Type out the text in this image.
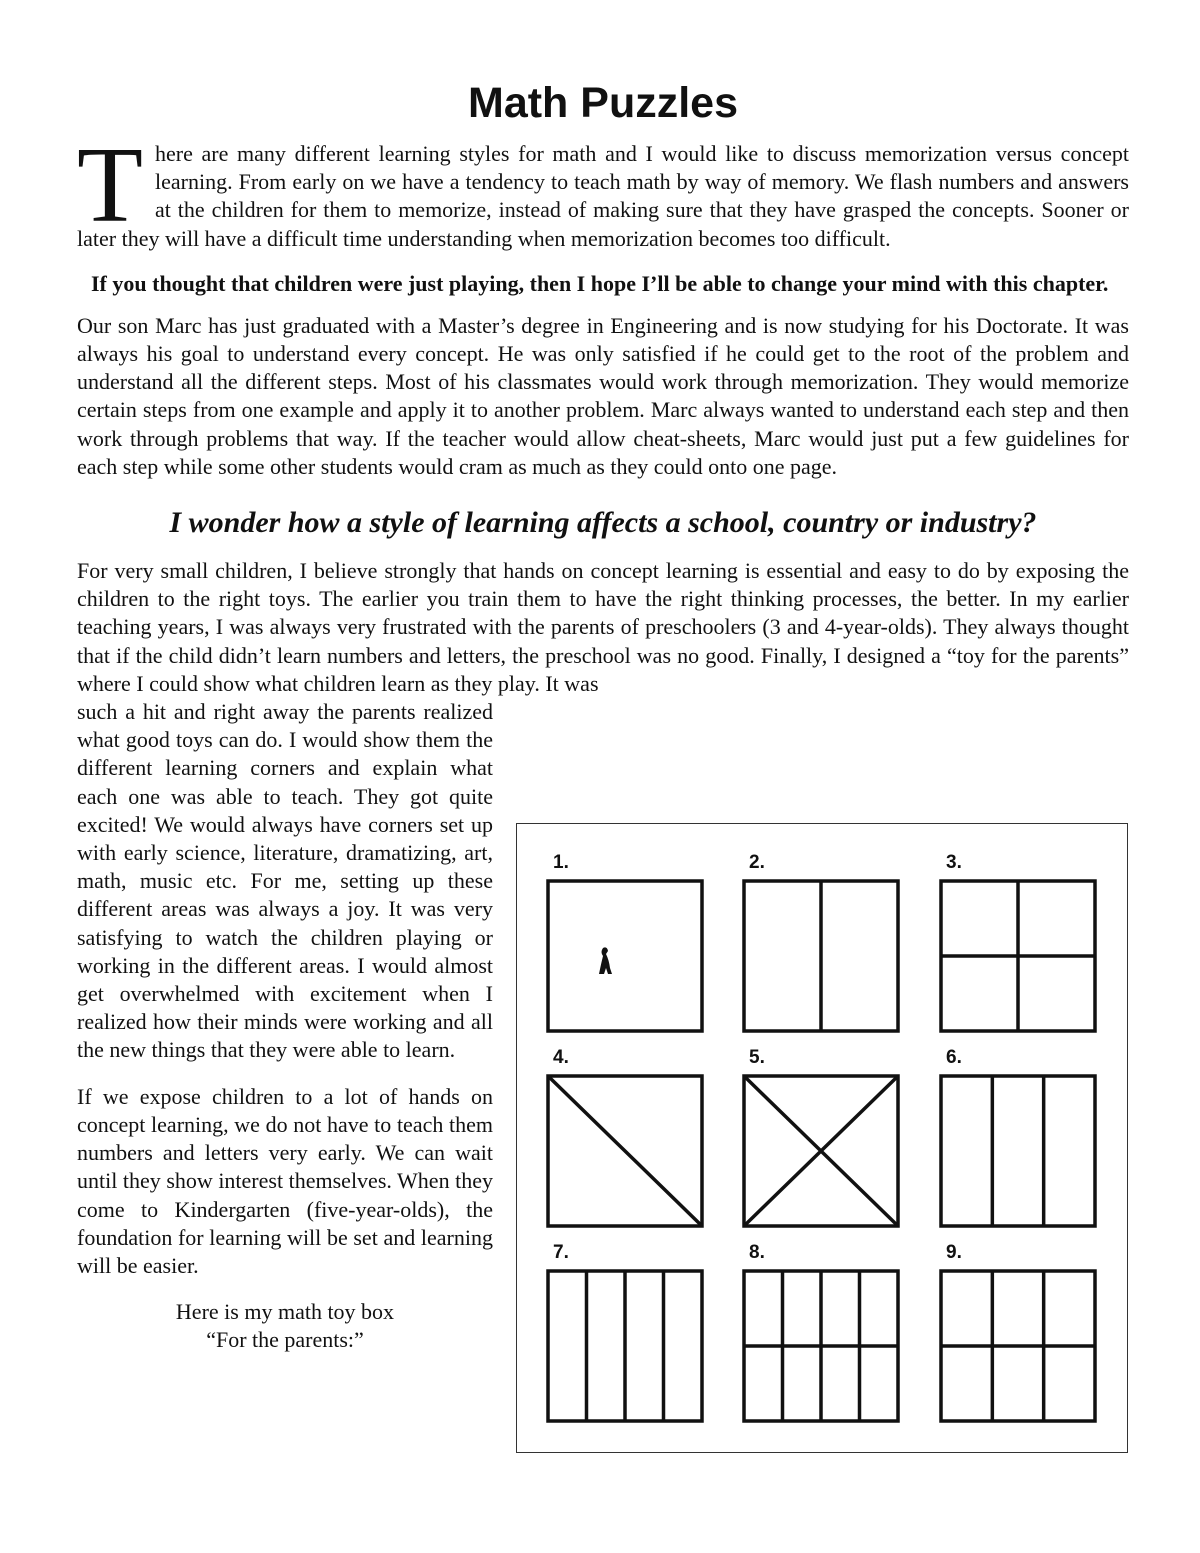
Math Puzzles

There are many different learning styles for math and I would like to discuss memorization versus concept learning. From early on we have a tendency to teach math by way of memory. We flash numbers and answers at the children for them to memorize, instead of making sure that they have grasped the concepts. Sooner or later they will have a difficult time understanding when memorization becomes too difficult.

If you thought that children were just playing, then I hope I’ll be able to change your mind with this chapter.

Our son Marc has just graduated with a Master’s degree in Engineering and is now studying for his Doctorate. It was always his goal to understand every concept. He was only satisfied if he could get to the root of the problem and understand all the different steps. Most of his classmates would work through memorization. They would memorize certain steps from one example and apply it to another problem. Marc always wanted to understand each step and then work through problems that way. If the teacher would allow cheat-sheets, Marc would just put a few guidelines for each step while some other students would cram as much as they could onto one page.

I wonder how a style of learning affects a school, country or industry?

For very small children, I believe strongly that hands on concept learning is essential and easy to do by exposing the children to the right toys. The earlier you train them to have the right thinking processes, the better. In my earlier teaching years, I was always very frustrated with the parents of preschoolers (3 and 4-year-olds). They always thought that if the child didn’t learn numbers and letters, the preschool was no good. Finally, I designed a “toy for the parents” where I could show what children learn as they play. It was

such a hit and right away the parents realized what good toys can do. I would show them the different learning corners and explain what each one was able to teach. They got quite excited! We would always have corners set up with early science, literature, dramatizing, art, math, music etc. For me, setting up these different areas was always a joy. It was very satisfying to watch the children playing or working in the different areas. I would almost get overwhelmed with excitement when I realized how their minds were working and all the new things that they were able to learn.

If we expose children to a lot of hands on concept learning, we do not have to teach them numbers and letters very early. We can wait until they show interest themselves. When they come to Kindergarten (five-year-olds), the foundation for learning will be set and learning will be easier.

Here is my math toy box
“For the parents:”
1.	2.	3.
4.	5.	6.
7.	8.	9.
